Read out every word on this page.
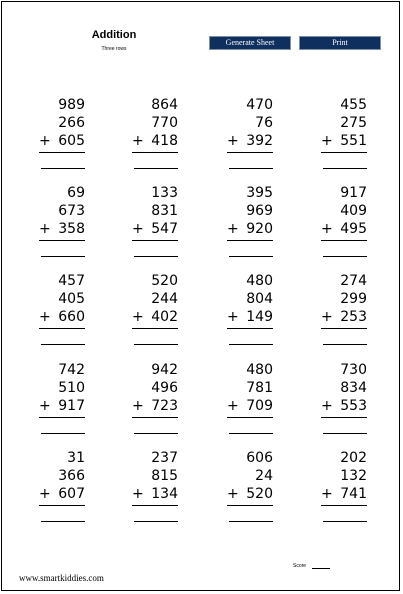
Addition
Three rows
Generate Sheet	Print
989
266
605
+
864
770
418
+
470
76
392
+
455
275
551
+
69
673
358
+
133
831
547
+
395
969
920
+
917
409
495
+
457
405
660
+
520
244
402
+
480
804
149
+
274
299
253
+
742
510
917
+
942
496
723
+
480
781
709
+
730
834
553
+
31
366
607
+
237
815
134
+
606
24
520
+
202
132
741
+
Score
www.smartkiddies.com
